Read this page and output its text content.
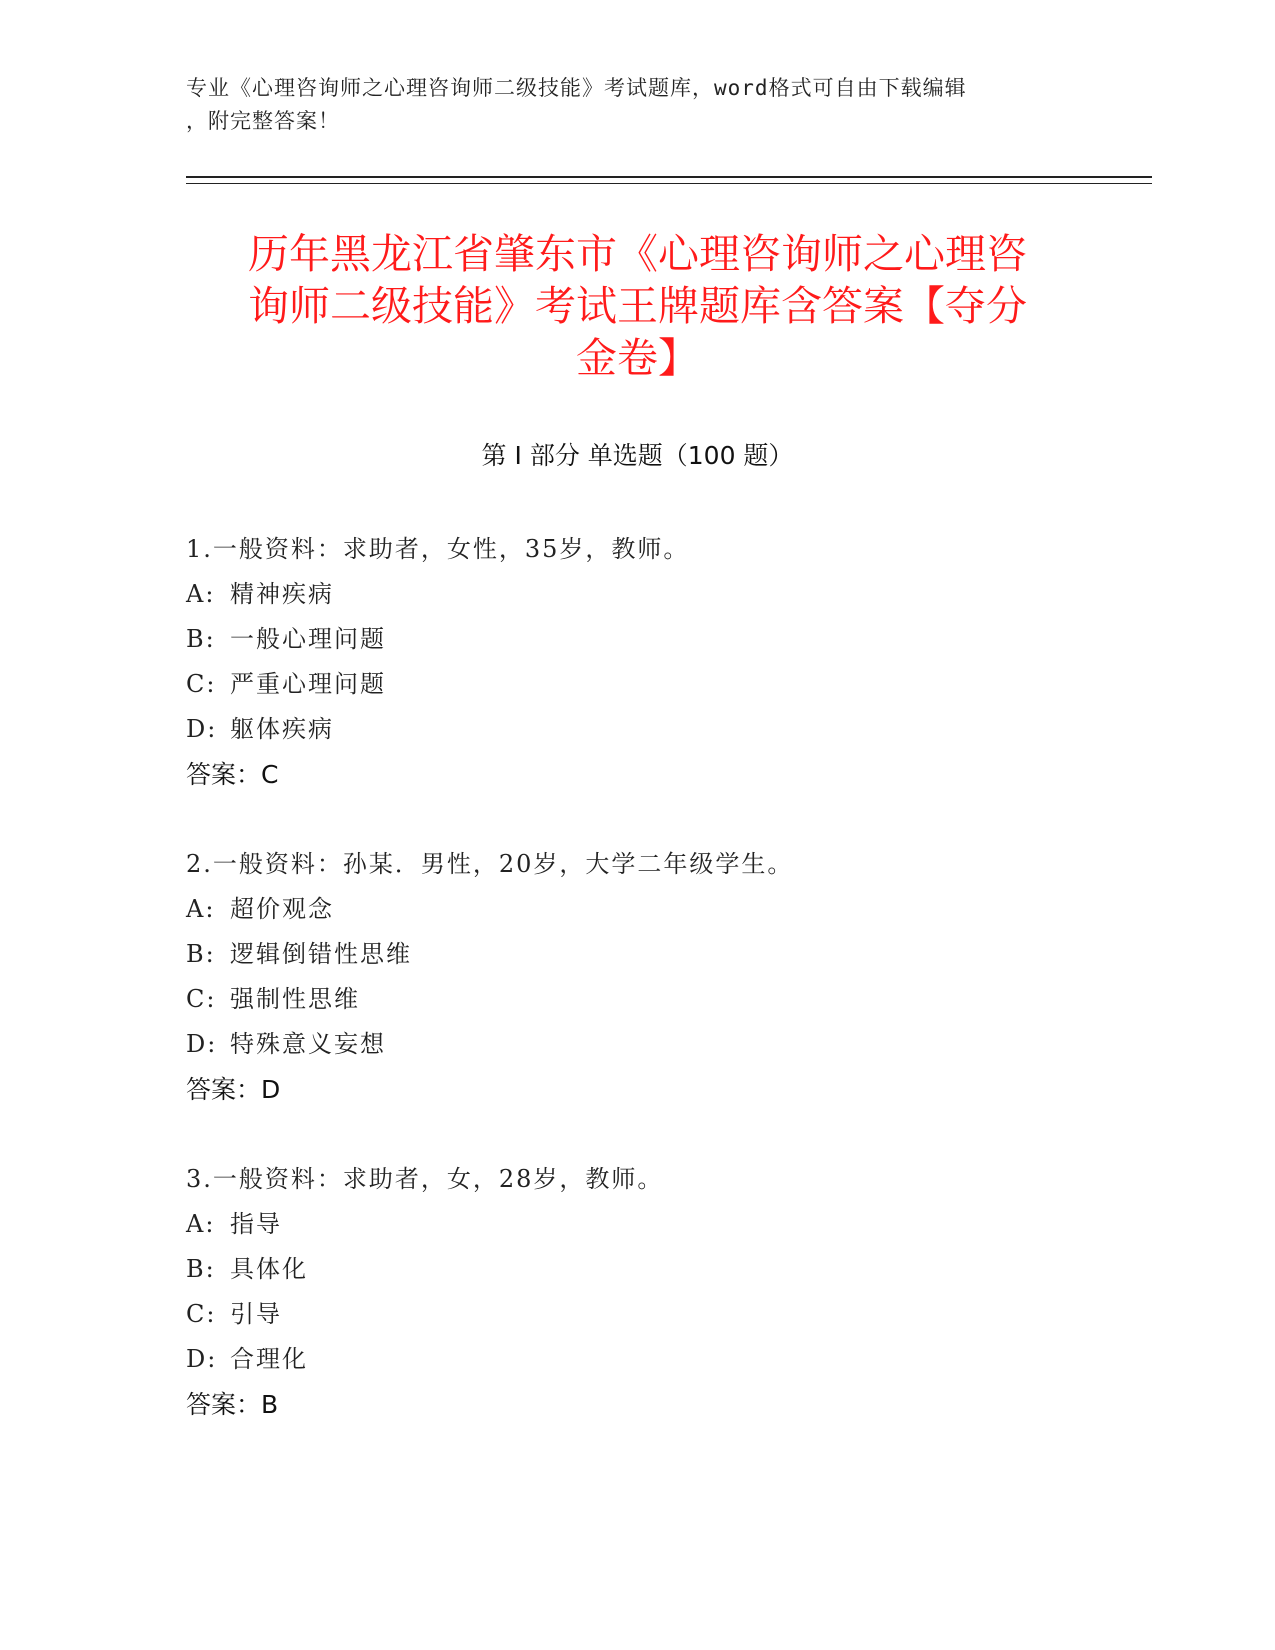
专业《心理咨询师之心理咨询师二级技能》考试题库，word格式可自由下载编辑
，附完整答案！
历年黑龙江省肇东市《心理咨询师之心理咨
询师二级技能》考试王牌题库含答案【夺分
金卷】
第 I 部分 单选题（100 题）
1.一般资料：求助者，女性，35岁，教师。
A: 精神疾病
B: 一般心理问题
C: 严重心理问题
D: 躯体疾病
答案：C
2.一般资料：孙某．男性，20岁，大学二年级学生。
A: 超价观念
B: 逻辑倒错性思维
C: 强制性思维
D: 特殊意义妄想
答案：D
3.一般资料：求助者，女，28岁，教师。
A: 指导
B: 具体化
C: 引导
D: 合理化
答案：B
